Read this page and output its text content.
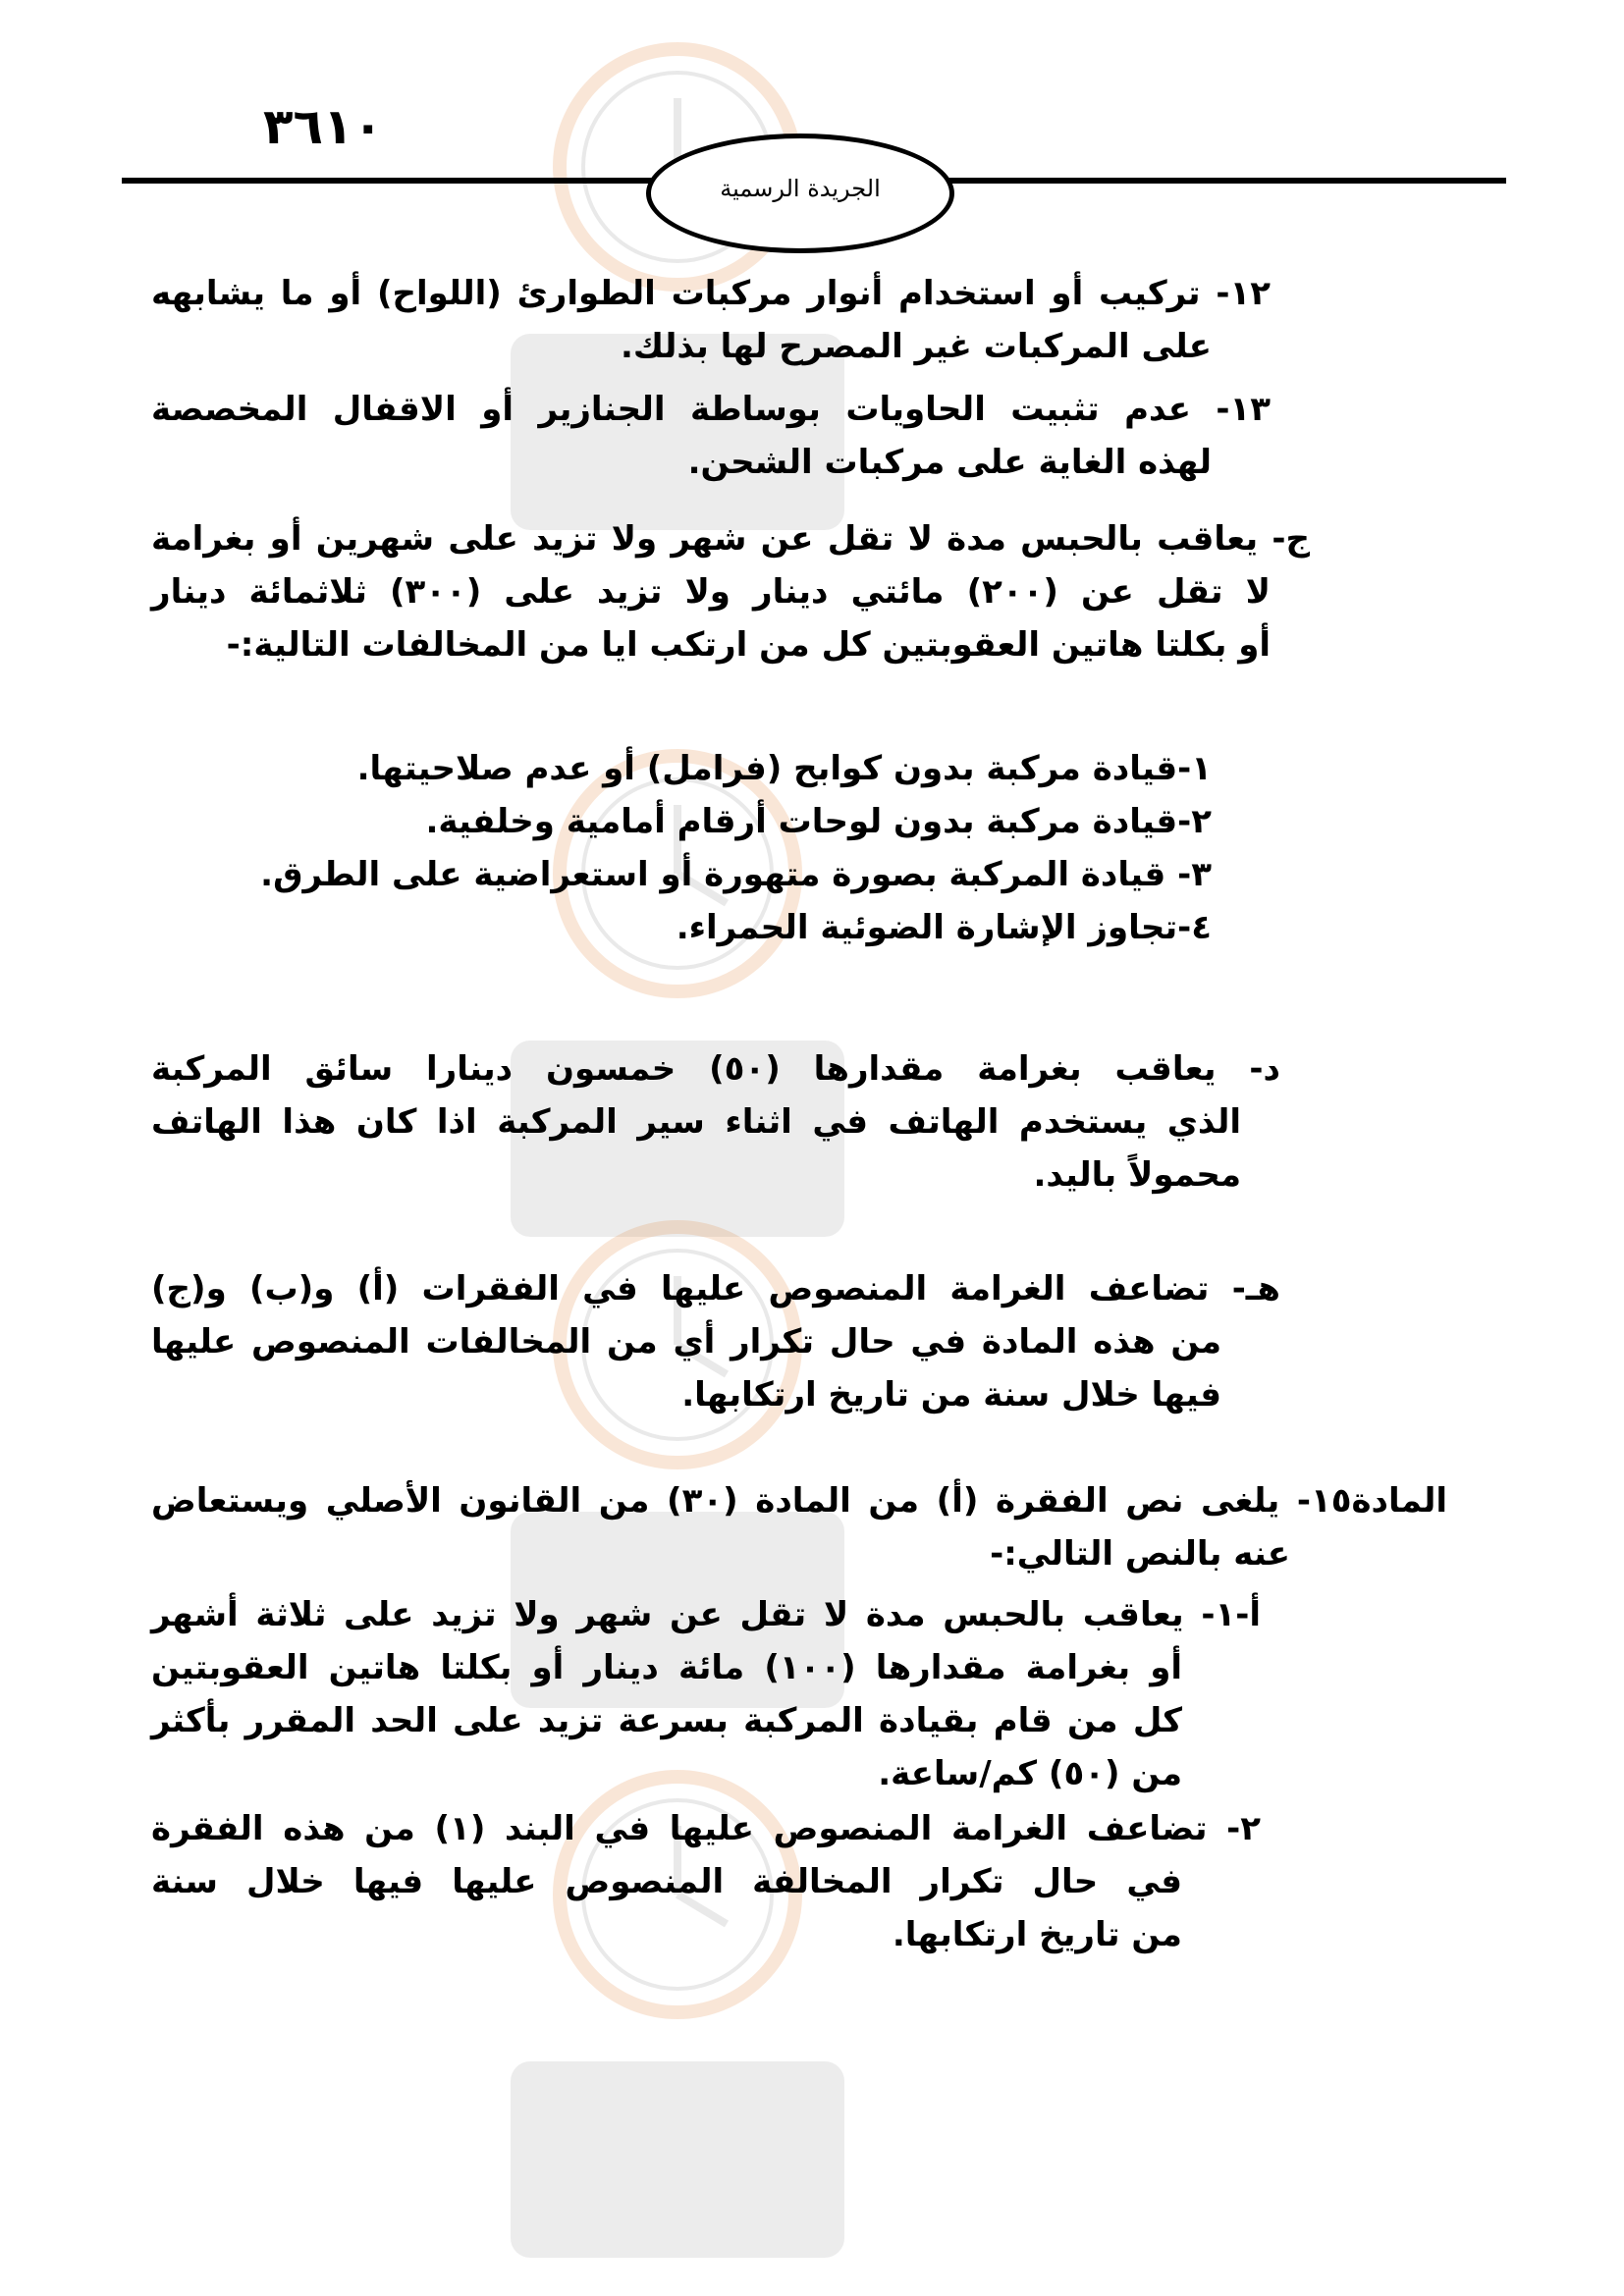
٣٦١٠
الجريدة الرسمية
١٢- تركيب أو استخدام أنوار مركبات الطوارئ (اللواح) أو ما يشابهه
على المركبات غير المصرح لها بذلك.
١٣- عدم تثبيت الحاويات بوساطة الجنازير أو الاقفال المخصصة
لهذه الغاية على مركبات الشحن.
ج- يعاقب بالحبس مدة لا تقل عن شهر ولا تزيد على شهرين أو بغرامة
لا تقل عن (٢٠٠) مائتي دينار ولا تزيد على (٣٠٠) ثلاثمائة دينار
أو بكلتا هاتين العقوبتين كل من ارتكب ايا من المخالفات التالية:-
١-قيادة مركبة بدون كوابح (فرامل) أو عدم صلاحيتها.
٢-قيادة مركبة بدون لوحات أرقام أمامية وخلفية.
٣- قيادة المركبة بصورة متهورة أو استعراضية على الطرق.
٤-تجاوز الإشارة الضوئية الحمراء.
د- يعاقب بغرامة مقدارها (٥٠) خمسون دينارا سائق المركبة
الذي يستخدم الهاتف في اثناء سير المركبة اذا كان هذا الهاتف
محمولاً باليد.
هـ- تضاعف الغرامة المنصوص عليها في الفقرات (أ) و(ب) و(ج)
من هذه المادة في حال تكرار أي من المخالفات المنصوص عليها
فيها خلال سنة من تاريخ ارتكابها.
المادة١٥- يلغى نص الفقرة (أ) من المادة (٣٠) من القانون الأصلي ويستعاض
عنه بالنص التالي:-
أ-١- يعاقب بالحبس مدة لا تقل عن شهر ولا تزيد على ثلاثة أشهر
أو بغرامة مقدارها (١٠٠) مائة دينار أو بكلتا هاتين العقوبتين
كل من قام بقيادة المركبة بسرعة تزيد على الحد المقرر بأكثر
من (٥٠) كم/ساعة.
٢- تضاعف الغرامة المنصوص عليها في البند (١) من هذه الفقرة
في حال تكرار المخالفة المنصوص عليها فيها خلال سنة
من تاريخ ارتكابها.
